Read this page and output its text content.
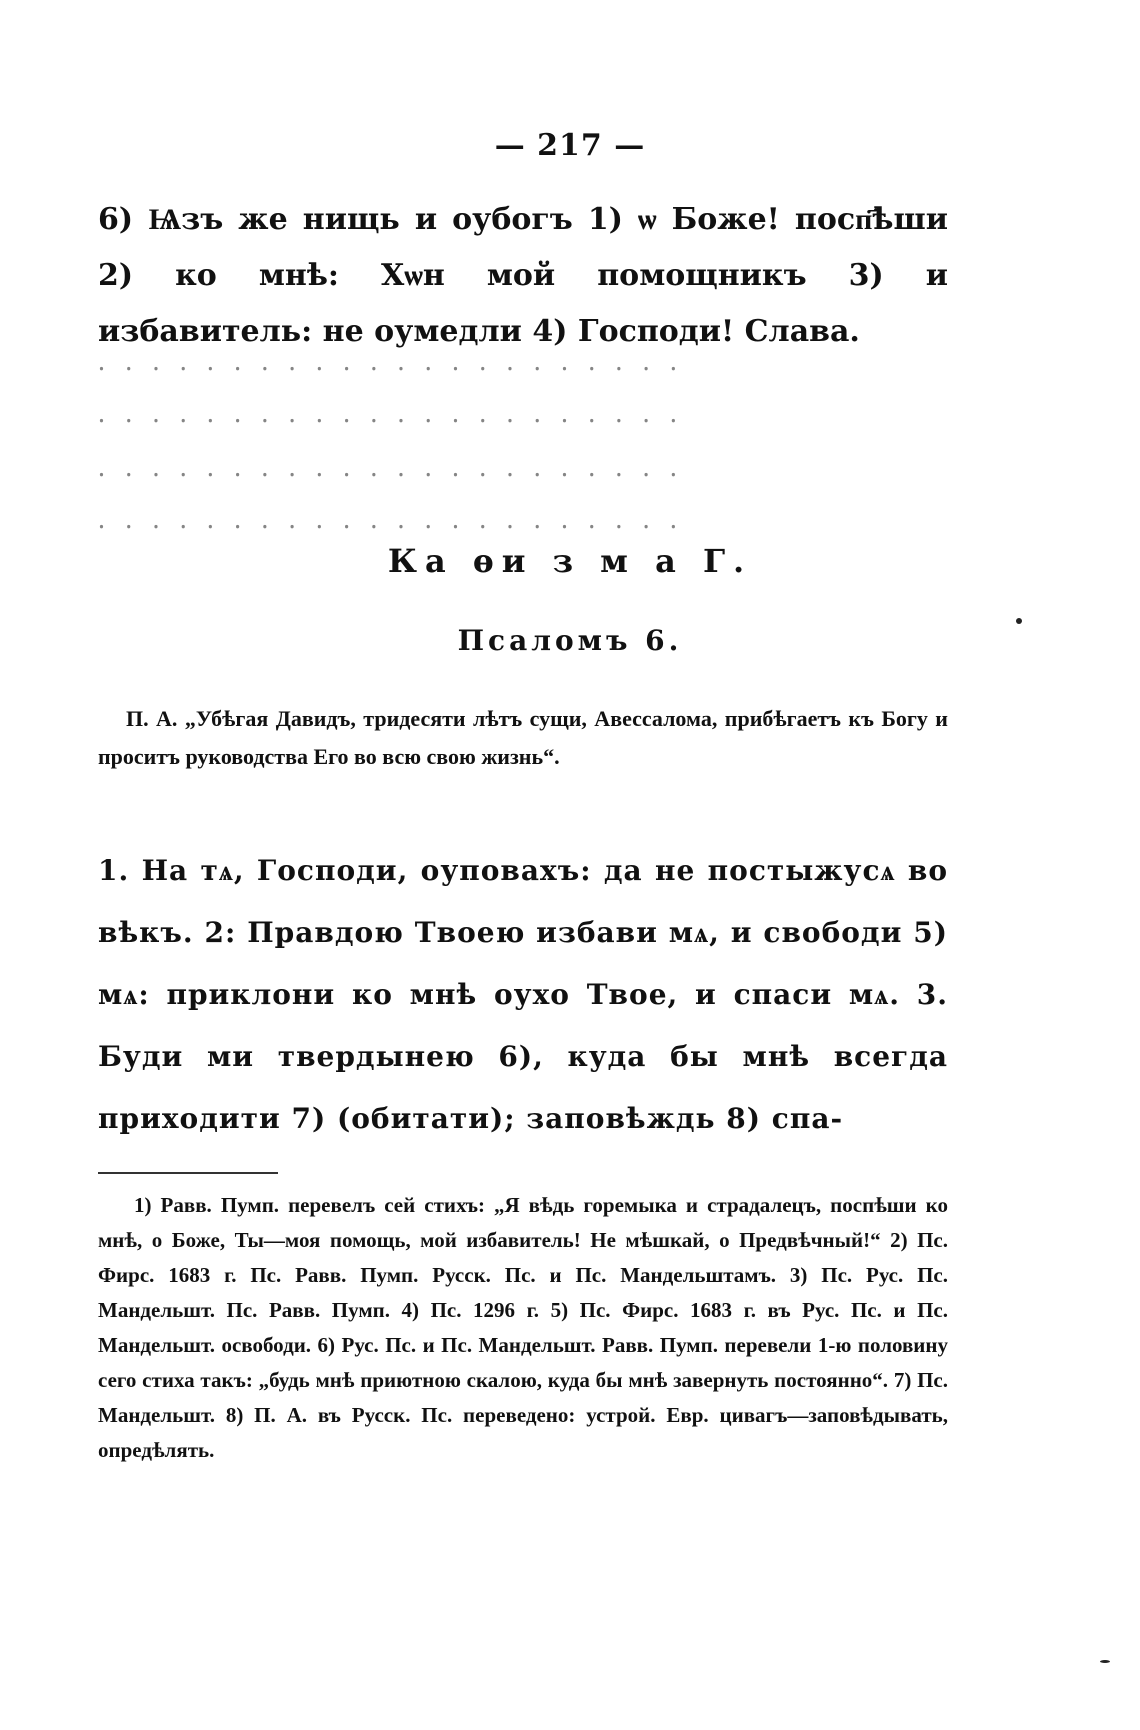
— 217 —
6) Ѩзъ же нищь и оубогъ 1) ѡ Боже! посп҃ѣши 2) ко мнѣ: Хѡн мой помощникъ 3) и избавитель: не оумедли 4) Господи! Слава.
⸱ ⸱ ⸱ ⸱ ⸱ ⸱ ⸱ ⸱ ⸱ ⸱ ⸱ ⸱ ⸱ ⸱ ⸱ ⸱ ⸱ ⸱ ⸱ ⸱ ⸱ ⸱
⸱ ⸱ ⸱ ⸱ ⸱ ⸱ ⸱ ⸱ ⸱ ⸱ ⸱ ⸱ ⸱ ⸱ ⸱ ⸱ ⸱ ⸱ ⸱ ⸱ ⸱ ⸱
⸱ ⸱ ⸱ ⸱ ⸱ ⸱ ⸱ ⸱ ⸱ ⸱ ⸱ ⸱ ⸱ ⸱ ⸱ ⸱ ⸱ ⸱ ⸱ ⸱ ⸱ ⸱
⸱ ⸱ ⸱ ⸱ ⸱ ⸱ ⸱ ⸱ ⸱ ⸱ ⸱ ⸱ ⸱ ⸱ ⸱ ⸱ ⸱ ⸱ ⸱ ⸱ ⸱ ⸱
Ка ѳи з м а Г.
Псаломъ 6.
П. А. „Убѣгая Давидъ, тридесяти лѣтъ сущи, Авессалома, прибѣгаетъ къ Богу и проситъ руководства Его во всю свою жизнь“.
1. На тѧ, Господи, оуповахъ: да не постыжусѧ во вѣкъ. 2: Правдою Твоею избави мѧ, и свободи 5) мѧ: приклони ко мнѣ оухо Твое, и спаси мѧ. 3. Буди ми твердынею 6), куда бы мнѣ всегда приходити 7) (обитати); заповѣждь 8) спа-
1) Равв. Пумп. перевелъ сей стихъ: „Я вѣдь горемыка и страдалецъ, поспѣши ко мнѣ, о Боже, Ты—моя помощь, мой избавитель! Не мѣшкай, о Предвѣчный!“ 2) Пс. Фирс. 1683 г. Пс. Равв. Пумп. Русск. Пс. и Пс. Мандельштамъ. 3) Пс. Рус. Пс. Мандельшт. Пс. Равв. Пумп. 4) Пс. 1296 г. 5) Пс. Фирс. 1683 г. въ Рус. Пс. и Пс. Мандельшт. освободи. 6) Рус. Пс. и Пс. Мандельшт. Равв. Пумп. перевели 1-ю половину сего стиха такъ: „будь мнѣ приютною скалою, куда бы мнѣ завернуть постоянно“. 7) Пс. Мандельшт. 8) П. А. въ Русск. Пс. переведено: устрой. Евр. цивагъ—заповѣдывать, опредѣлять.
